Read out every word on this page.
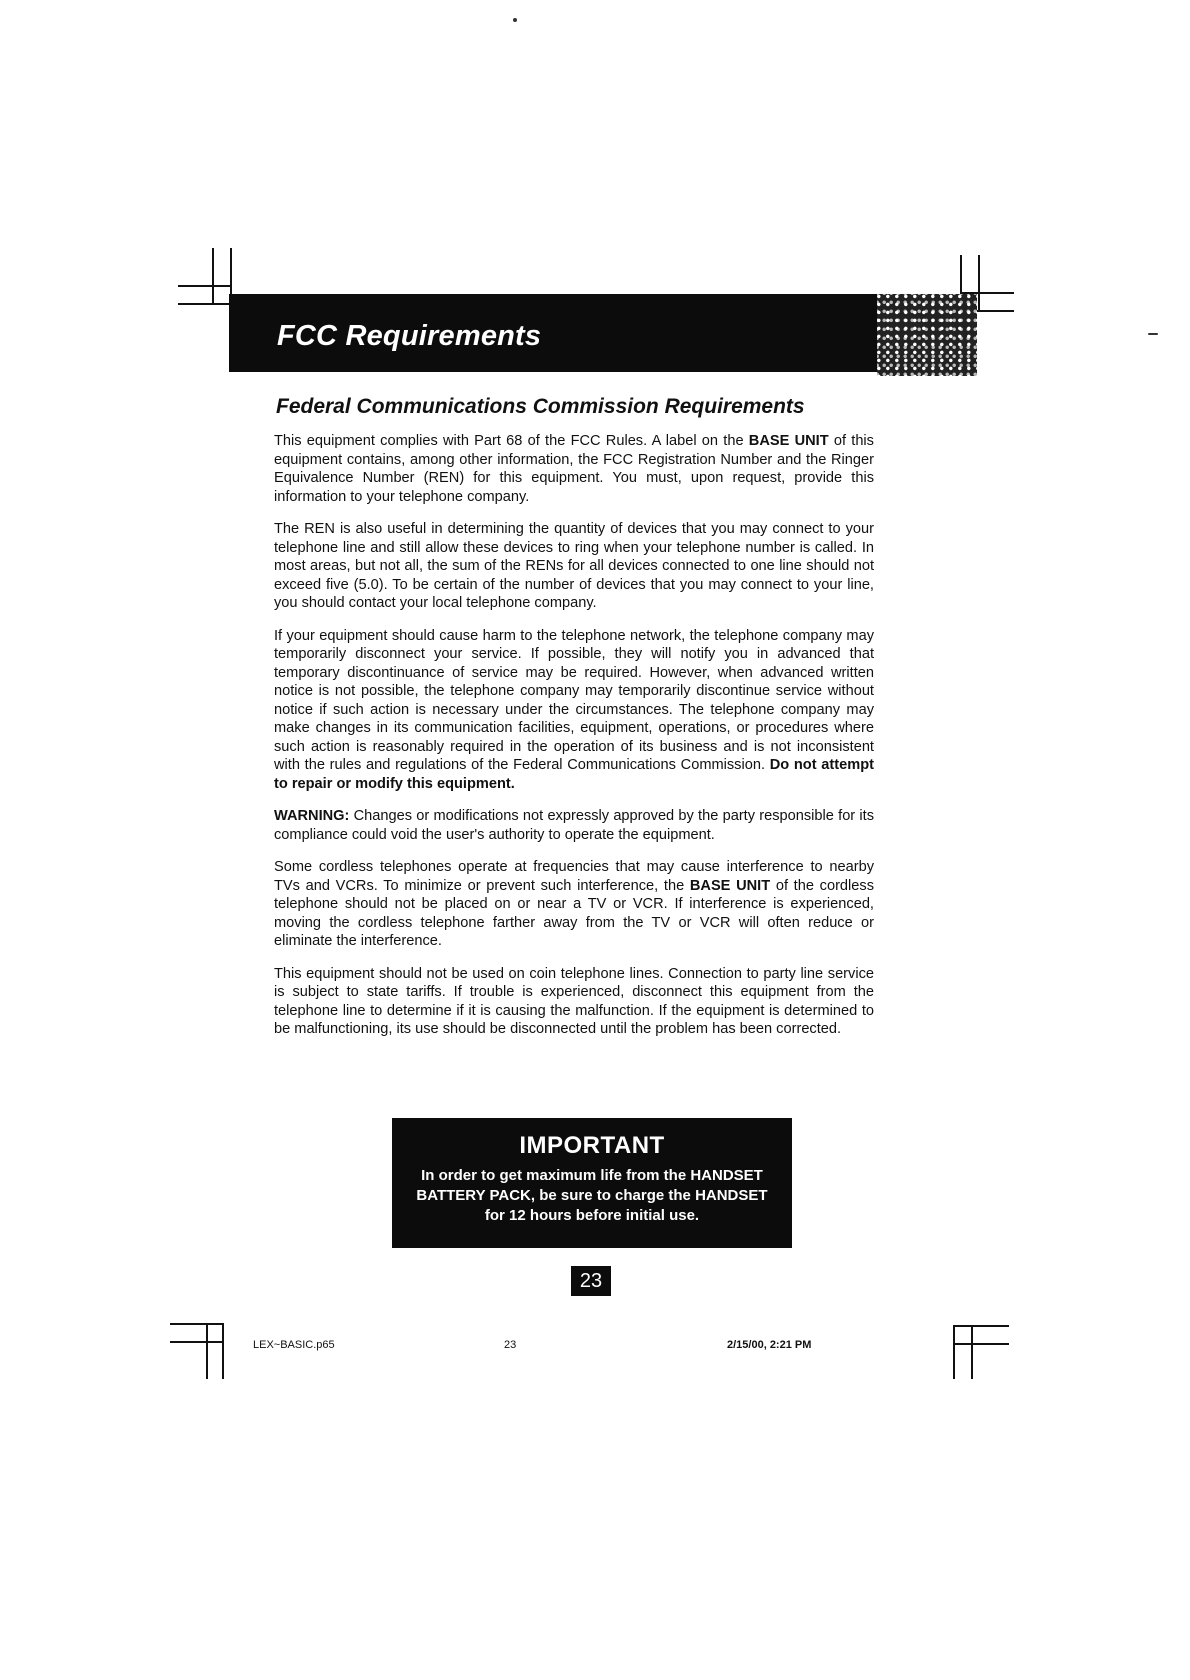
FCC Requirements
Federal Communications Commission Requirements

This equipment complies with Part 68 of the FCC Rules. A label on the BASE UNIT of this equipment contains, among other information, the FCC Registration Number and the Ringer Equivalence Number (REN) for this equipment. You must, upon request, provide this information to your telephone company.

The REN is also useful in determining the quantity of devices that you may connect to your telephone line and still allow these devices to ring when your telephone number is called. In most areas, but not all, the sum of the RENs for all devices connected to one line should not exceed five (5.0). To be certain of the number of devices that you may connect to your line, you should contact your local telephone company.

If your equipment should cause harm to the telephone network, the telephone company may temporarily disconnect your service. If possible, they will notify you in advanced that temporary discontinuance of service may be required. However, when advanced written notice is not possible, the telephone company may temporarily discontinue service without notice if such action is necessary under the circumstances. The telephone company may make changes in its communication facilities, equipment, operations, or procedures where such action is reasonably required in the operation of its business and is not inconsistent with the rules and regulations of the Federal Communications Commission. Do not attempt to repair or modify this equipment.

WARNING: Changes or modifications not expressly approved by the party responsible for its compliance could void the user's authority to operate the equipment.

Some cordless telephones operate at frequencies that may cause interference to nearby TVs and VCRs. To minimize or prevent such interference, the BASE UNIT of the cordless telephone should not be placed on or near a TV or VCR. If interference is experienced, moving the cordless telephone farther away from the TV or VCR will often reduce or eliminate the interference.

This equipment should not be used on coin telephone lines. Connection to party line service is subject to state tariffs. If trouble is experienced, disconnect this equipment from the telephone line to determine if it is causing the malfunction. If the equipment is determined to be malfunctioning, its use should be disconnected until the problem has been corrected.

IMPORTANT
In order to get maximum life from the HANDSET BATTERY PACK, be sure to charge the HANDSET for 12 hours before initial use.
23
LEX~BASIC.p65	23	2/15/00, 2:21 PM
